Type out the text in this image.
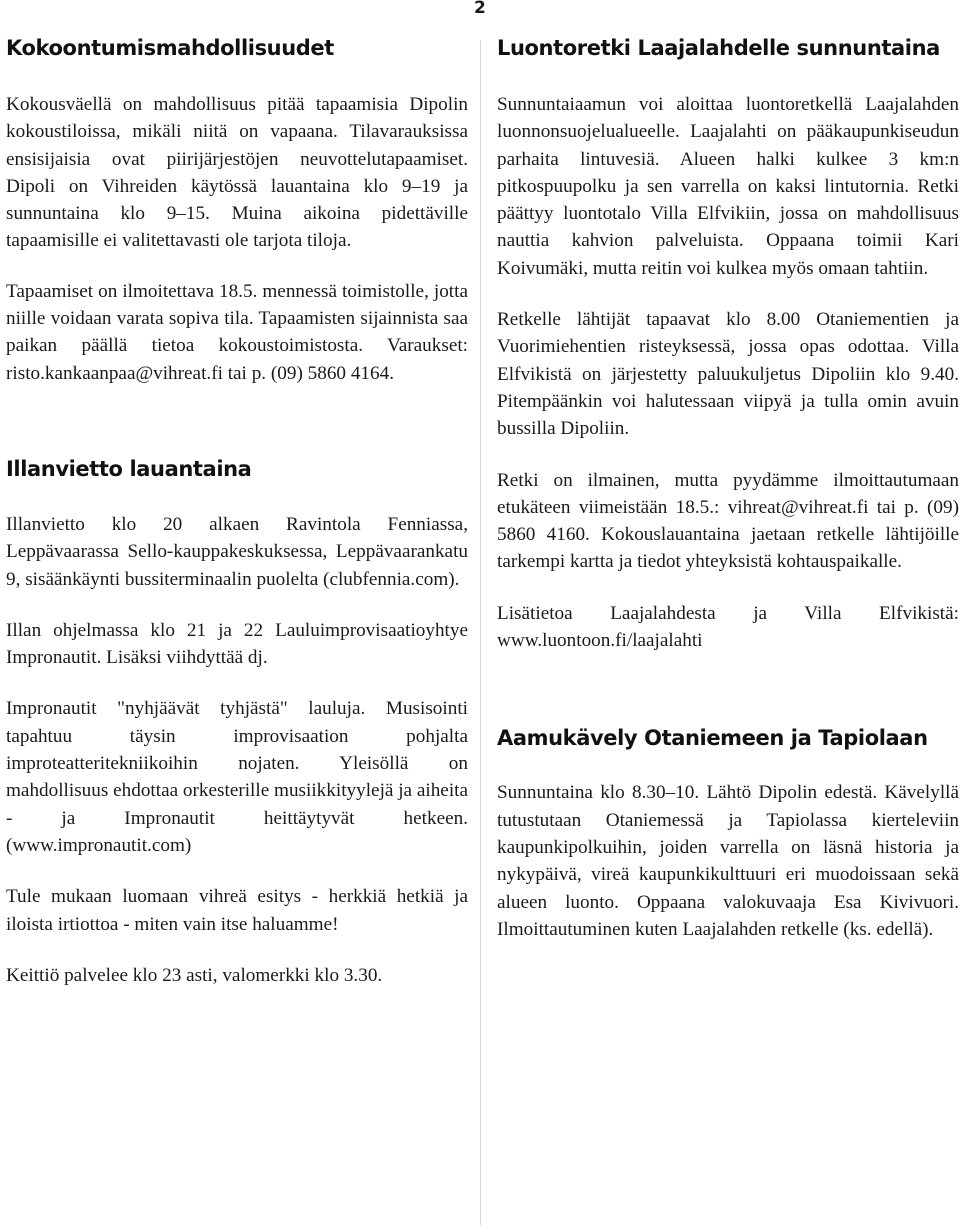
2

Kokoontumismahdollisuudet

Kokousväellä on mahdollisuus pitää tapaamisia Dipolin kokoustiloissa, mikäli niitä on vapaana. Tilavarauksissa ensisijaisia ovat piirijärjestöjen neuvottelutapaamiset. Dipoli on Vihreiden käytössä lauantaina klo 9–19 ja sunnuntaina klo 9–15. Muina aikoina pidettäville tapaamisille ei valitettavasti ole tarjota tiloja.

Tapaamiset on ilmoitettava 18.5. mennessä toimistolle, jotta niille voidaan varata sopiva tila. Tapaamisten sijainnista saa paikan päällä tietoa kokoustoimistosta. Varaukset: risto.kankaanpaa@vihreat.fi tai p. (09) 5860 4164.

Illanvietto lauantaina

Illanvietto klo 20 alkaen Ravintola Fenniassa, Leppävaarassa Sello-kauppakeskuksessa, Leppävaarankatu 9, sisäänkäynti bussiterminaalin puolelta (clubfennia.com).

Illan ohjelmassa klo 21 ja 22 Lauluimprovisaatioyhtye Impronautit. Lisäksi viihdyttää dj.

Impronautit "nyhjäävät tyhjästä" lauluja. Musisointi tapahtuu täysin improvisaation pohjalta improteatteritekniikoihin nojaten. Yleisöllä on mahdollisuus ehdottaa orkesterille musiikkityylejä ja aiheita - ja Impronautit heittäytyvät hetkeen. (www.impronautit.com)

Tule mukaan luomaan vihreä esitys - herkkiä hetkiä ja iloista irtiottoa - miten vain itse haluamme!

Keittiö palvelee klo 23 asti, valomerkki klo 3.30.

Luontoretki Laajalahdelle sunnuntaina

Sunnuntaiaamun voi aloittaa luontoretkellä Laajalahden luonnonsuojelualueelle. Laajalahti on pääkaupunkiseudun parhaita lintuvesiä. Alueen halki kulkee 3 km:n pitkospuupolku ja sen varrella on kaksi lintutornia. Retki päättyy luontotalo Villa Elfvikiin, jossa on mahdollisuus nauttia kahvion palveluista. Oppaana toimii Kari Koivumäki, mutta reitin voi kulkea myös omaan tahtiin.

Retkelle lähtijät tapaavat klo 8.00 Otaniementien ja Vuorimiehentien risteyksessä, jossa opas odottaa. Villa Elfvikistä on järjestetty paluukuljetus Dipoliin klo 9.40. Pitempäänkin voi halutessaan viipyä ja tulla omin avuin bussilla Dipoliin.

Retki on ilmainen, mutta pyydämme ilmoittautumaan etukäteen viimeistään 18.5.: vihreat@vihreat.fi tai p. (09) 5860 4160. Kokouslauantaina jaetaan retkelle lähtijöille tarkempi kartta ja tiedot yhteyksistä kohtauspaikalle.

Lisätietoa Laajalahdesta ja Villa Elfvikistä: www.luontoon.fi/laajalahti

Aamukävely Otaniemeen ja Tapiolaan

Sunnuntaina klo 8.30–10. Lähtö Dipolin edestä. Kävelyllä tutustutaan Otaniemessä ja Tapiolassa kierteleviin kaupunkipolkuihin, joiden varrella on läsnä historia ja nykypäivä, vireä kaupunkikulttuuri eri muodoissaan sekä alueen luonto. Oppaana valokuvaaja Esa Kivivuori. Ilmoittautuminen kuten Laajalahden retkelle (ks. edellä).
